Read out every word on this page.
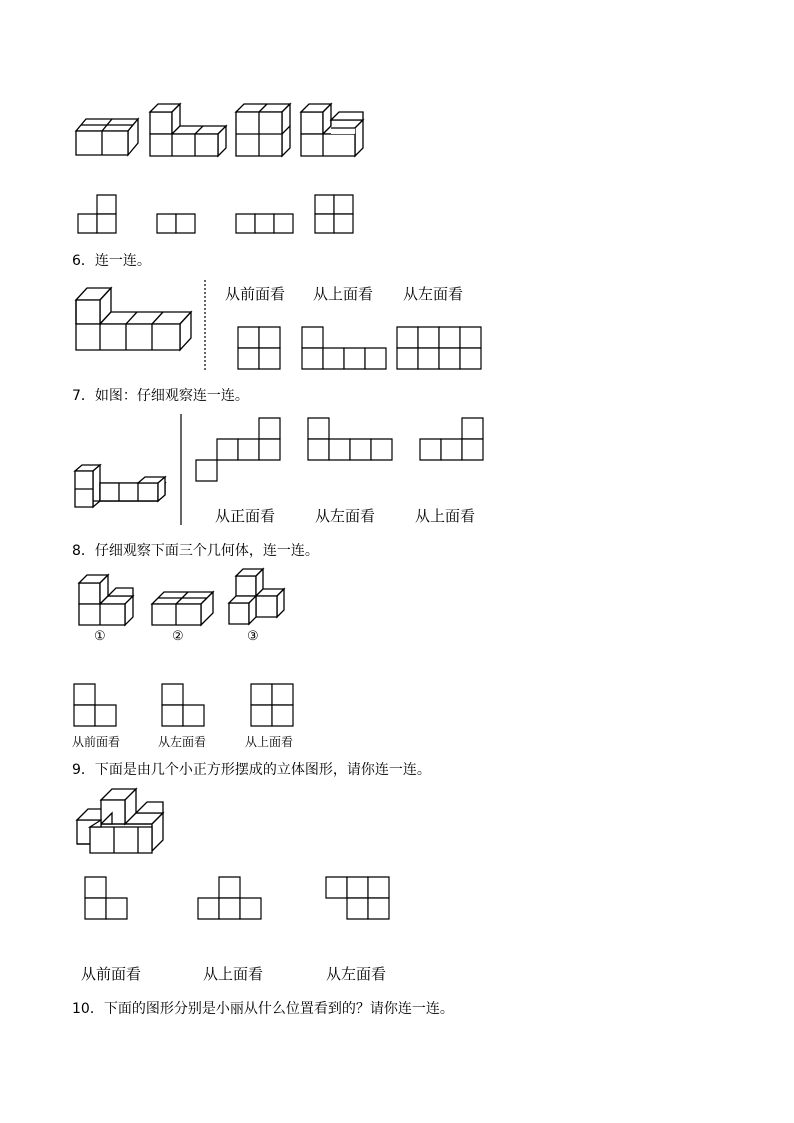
6．连一连。
从前面看 从上面看 从左面看
7．如图：仔细观察连一连。
从正面看	从左面看	从上面看
8．仔细观察下面三个几何体，连一连。
①	②	③
从前面看	从左面看	从上面看
9．下面是由几个小正方形摆成的立体图形，请你连一连。
从前面看	从上面看	从左面看
10．下面的图形分别是小丽从什么位置看到的？请你连一连。
